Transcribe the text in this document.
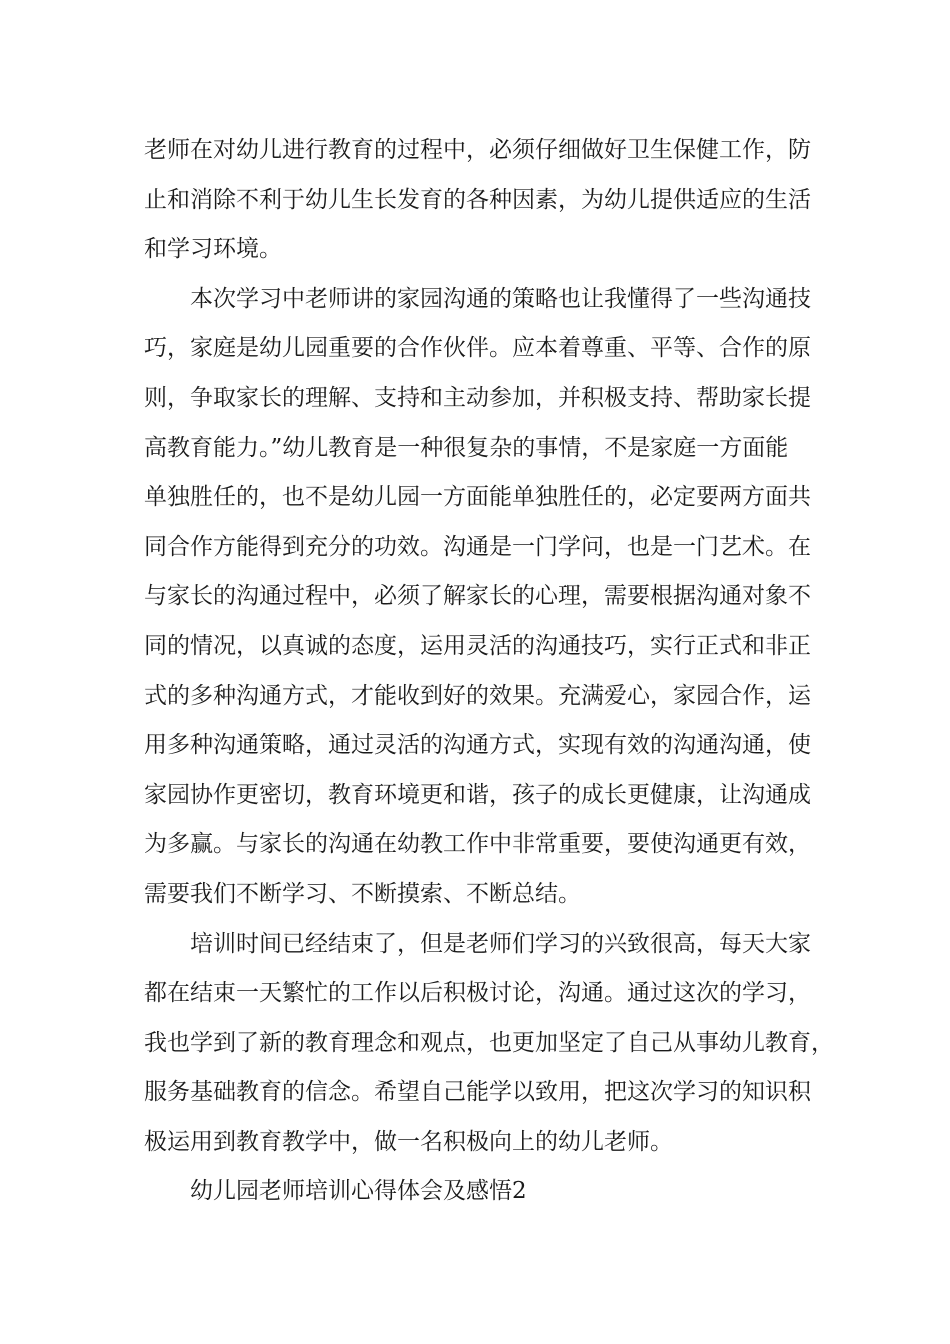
老师在对幼儿进行教育的过程中，必须仔细做好卫生保健工作，防
止和消除不利于幼儿生长发育的各种因素，为幼儿提供适应的生活
和学习环境。

本次学习中老师讲的家园沟通的策略也让我懂得了一些沟通技
巧，家庭是幼儿园重要的合作伙伴。应本着尊重、平等、合作的原
则，争取家长的理解、支持和主动参加，并积极支持、帮助家长提
高教育能力。”幼儿教育是一种很复杂的事情，不是家庭一方面能
单独胜任的，也不是幼儿园一方面能单独胜任的，必定要两方面共
同合作方能得到充分的功效。沟通是一门学问，也是一门艺术。在
与家长的沟通过程中，必须了解家长的心理，需要根据沟通对象不
同的情况，以真诚的态度，运用灵活的沟通技巧，实行正式和非正
式的多种沟通方式，才能收到好的效果。充满爱心，家园合作，运
用多种沟通策略，通过灵活的沟通方式，实现有效的沟通沟通，使
家园协作更密切，教育环境更和谐，孩子的成长更健康，让沟通成
为多赢。与家长的沟通在幼教工作中非常重要，要使沟通更有效，
需要我们不断学习、不断摸索、不断总结。

培训时间已经结束了，但是老师们学习的兴致很高，每天大家
都在结束一天繁忙的工作以后积极讨论，沟通。通过这次的学习，
我也学到了新的教育理念和观点，也更加坚定了自己从事幼儿教育，
服务基础教育的信念。希望自己能学以致用，把这次学习的知识积
极运用到教育教学中，做一名积极向上的幼儿老师。

幼儿园老师培训心得体会及感悟2
